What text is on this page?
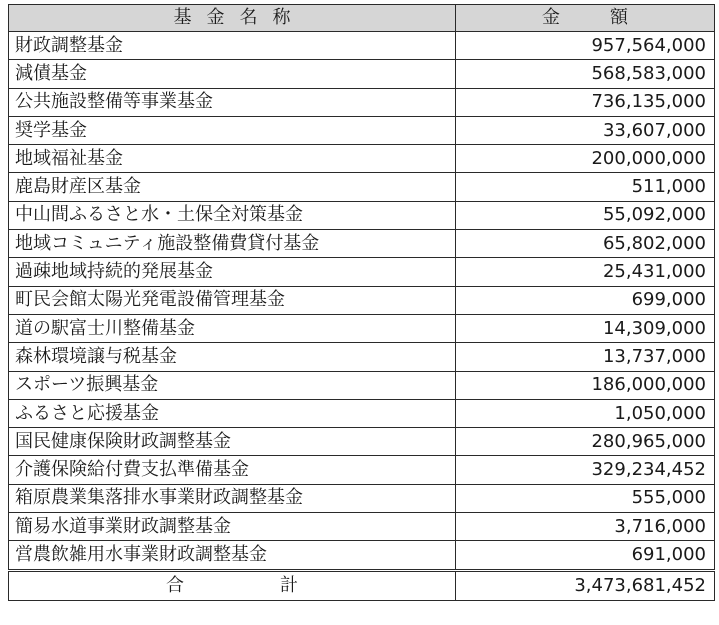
基金名称	金額
財政調整基金	957,564,000
減債基金	568,583,000
公共施設整備等事業基金	736,135,000
奨学基金	33,607,000
地域福祉基金	200,000,000
鹿島財産区基金	511,000
中山間ふるさと水・土保全対策基金	55,092,000
地域コミュニティ施設整備費貸付基金	65,802,000
過疎地域持続的発展基金	25,431,000
町民会館太陽光発電設備管理基金	699,000
道の駅富士川整備基金	14,309,000
森林環境譲与税基金	13,737,000
スポーツ振興基金	186,000,000
ふるさと応援基金	1,050,000
国民健康保険財政調整基金	280,965,000
介護保険給付費支払準備基金	329,234,452
箱原農業集落排水事業財政調整基金	555,000
簡易水道事業財政調整基金	3,716,000
営農飲雑用水事業財政調整基金	691,000
合 計	3,473,681,452
